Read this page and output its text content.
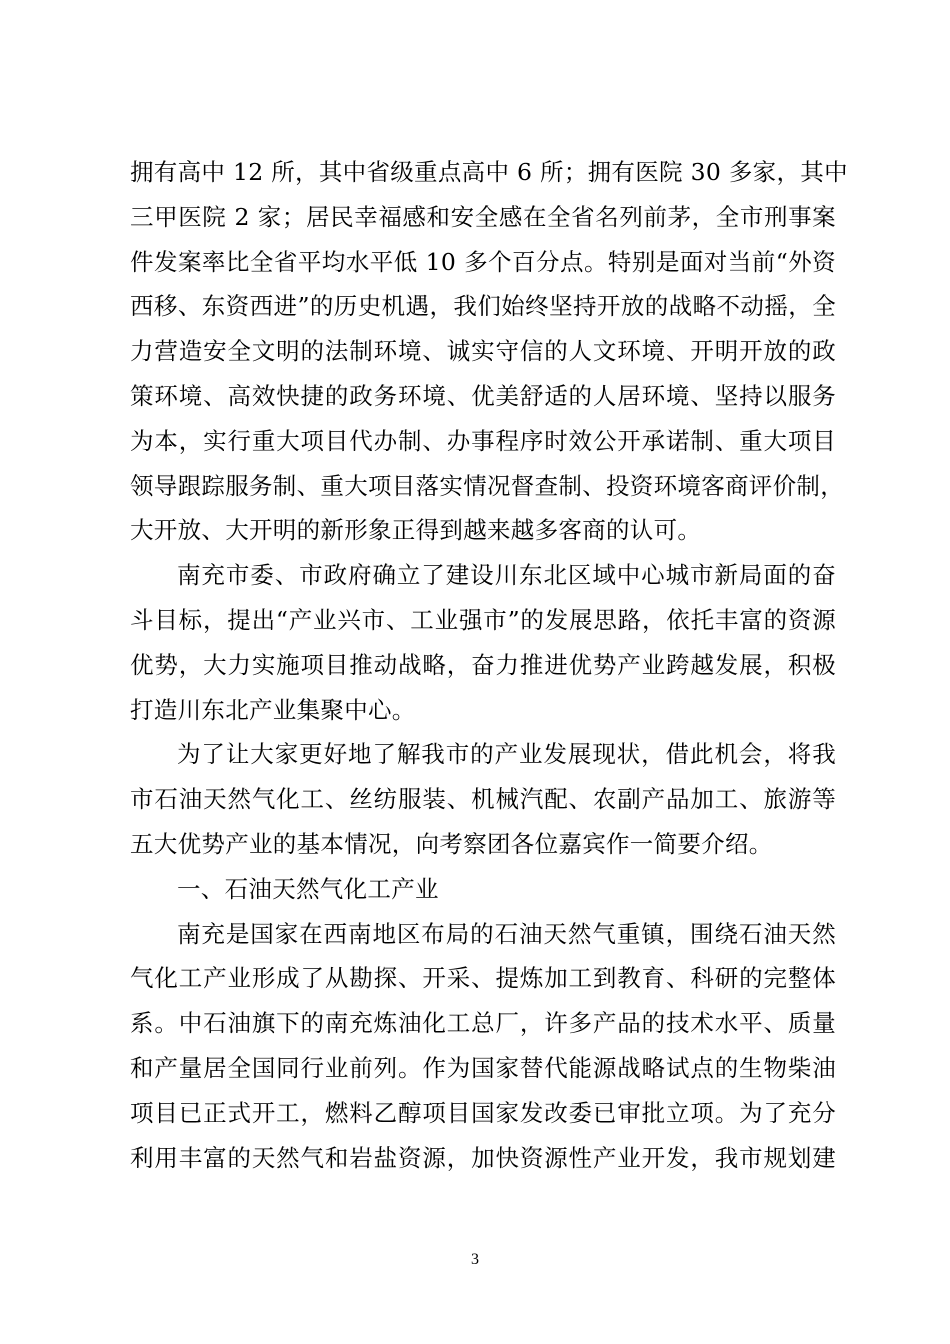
拥有高中 12 所，其中省级重点高中 6 所；拥有医院 30 多家，其中
三甲医院 2 家；居民幸福感和安全感在全省名列前茅，全市刑事案
件发案率比全省平均水平低 10 多个百分点。特别是面对当前“外资
西移、东资西进”的历史机遇，我们始终坚持开放的战略不动摇，全
力营造安全文明的法制环境、诚实守信的人文环境、开明开放的政
策环境、高效快捷的政务环境、优美舒适的人居环境、坚持以服务
为本，实行重大项目代办制、办事程序时效公开承诺制、重大项目
领导跟踪服务制、重大项目落实情况督查制、投资环境客商评价制，
大开放、大开明的新形象正得到越来越多客商的认可。
南充市委、市政府确立了建设川东北区域中心城市新局面的奋
斗目标，提出“产业兴市、工业强市”的发展思路，依托丰富的资源
优势，大力实施项目推动战略，奋力推进优势产业跨越发展，积极
打造川东北产业集聚中心。
为了让大家更好地了解我市的产业发展现状，借此机会，将我
市石油天然气化工、丝纺服装、机械汽配、农副产品加工、旅游等
五大优势产业的基本情况，向考察团各位嘉宾作一简要介绍。
一、石油天然气化工产业
南充是国家在西南地区布局的石油天然气重镇，围绕石油天然
气化工产业形成了从勘探、开采、提炼加工到教育、科研的完整体
系。中石油旗下的南充炼油化工总厂，许多产品的技术水平、质量
和产量居全国同行业前列。作为国家替代能源战略试点的生物柴油
项目已正式开工，燃料乙醇项目国家发改委已审批立项。为了充分
利用丰富的天然气和岩盐资源，加快资源性产业开发，我市规划建
3
